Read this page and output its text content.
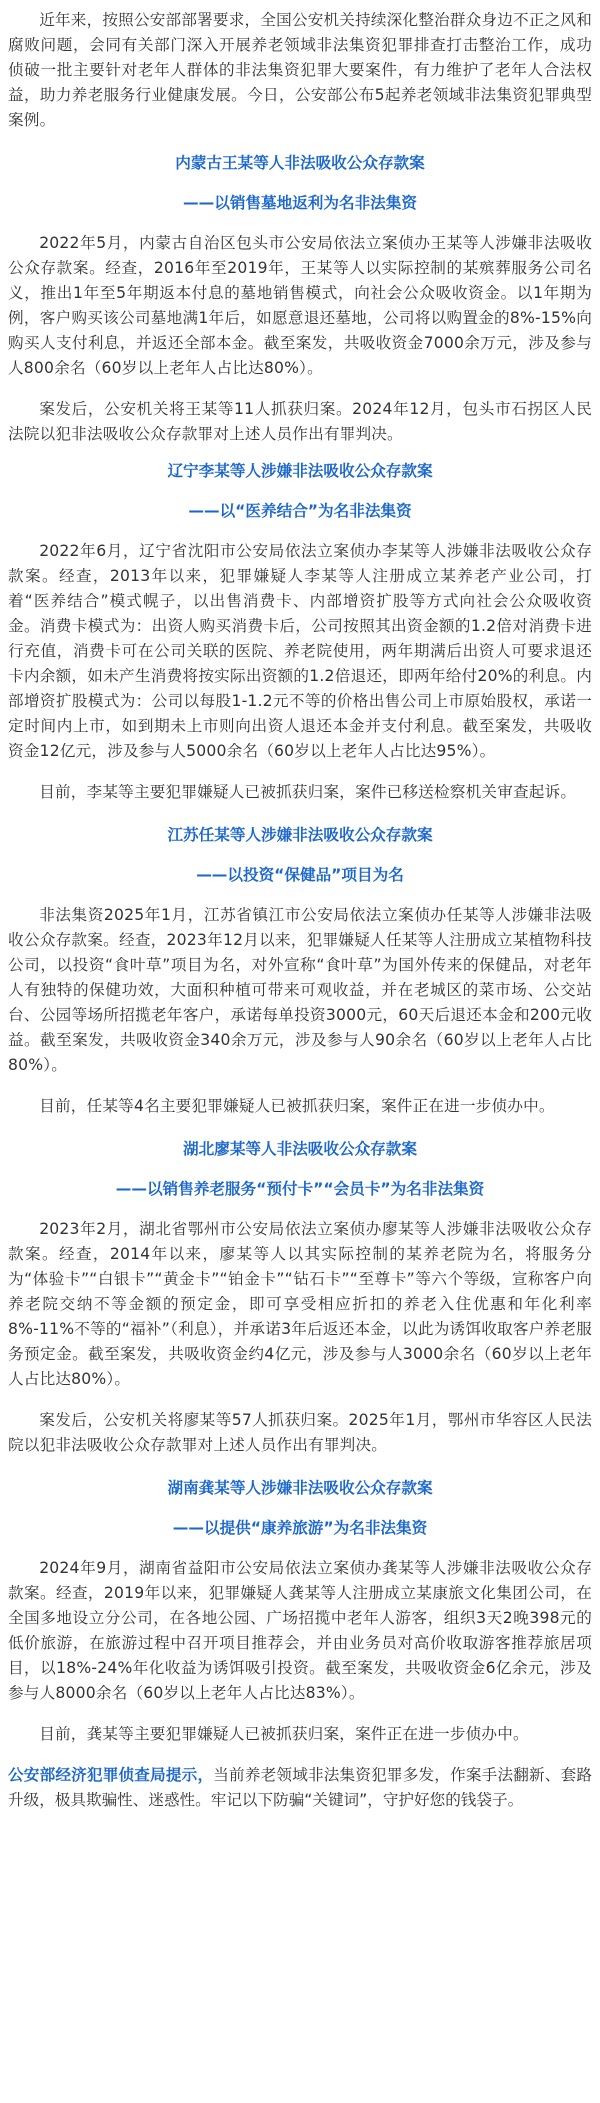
近年来，按照公安部部署要求，全国公安机关持续深化整治群众身边不正之风和腐败问题，会同有关部门深入开展养老领域非法集资犯罪排查打击整治工作，成功侦破一批主要针对老年人群体的非法集资犯罪大要案件，有力维护了老年人合法权益，助力养老服务行业健康发展。今日，公安部公布5起养老领域非法集资犯罪典型案例。

内蒙古王某等人非法吸收公众存款案

——以销售墓地返利为名非法集资

2022年5月，内蒙古自治区包头市公安局依法立案侦办王某等人涉嫌非法吸收公众存款案。经查，2016年至2019年，王某等人以实际控制的某殡葬服务公司名义，推出1年至5年期返本付息的墓地销售模式，向社会公众吸收资金。以1年期为例，客户购买该公司墓地满1年后，如愿意退还墓地，公司将以购置金的8%-15%向购买人支付利息，并返还全部本金。截至案发，共吸收资金7000余万元，涉及参与人800余名（60岁以上老年人占比达80%）。

案发后，公安机关将王某等11人抓获归案。2024年12月，包头市石拐区人民法院以犯非法吸收公众存款罪对上述人员作出有罪判决。

辽宁李某等人涉嫌非法吸收公众存款案

——以“医养结合”为名非法集资

2022年6月，辽宁省沈阳市公安局依法立案侦办李某等人涉嫌非法吸收公众存款案。经查，2013年以来，犯罪嫌疑人李某等人注册成立某养老产业公司，打着“医养结合”模式幌子，以出售消费卡、内部增资扩股等方式向社会公众吸收资金。消费卡模式为：出资人购买消费卡后，公司按照其出资金额的1.2倍对消费卡进行充值，消费卡可在公司关联的医院、养老院使用，两年期满后出资人可要求退还卡内余额，如未产生消费将按实际出资额的1.2倍退还，即两年给付20%的利息。内部增资扩股模式为：公司以每股1-1.2元不等的价格出售公司上市原始股权，承诺一定时间内上市，如到期未上市则向出资人退还本金并支付利息。截至案发，共吸收资金12亿元，涉及参与人5000余名（60岁以上老年人占比达95%）。

目前，李某等主要犯罪嫌疑人已被抓获归案，案件已移送检察机关审查起诉。

江苏任某等人涉嫌非法吸收公众存款案

——以投资“保健品”项目为名

非法集资2025年1月，江苏省镇江市公安局依法立案侦办任某等人涉嫌非法吸收公众存款案。经查，2023年12月以来，犯罪嫌疑人任某等人注册成立某植物科技公司，以投资“食叶草”项目为名，对外宣称“食叶草”为国外传来的保健品，对老年人有独特的保健功效，大面积种植可带来可观收益，并在老城区的菜市场、公交站台、公园等场所招揽老年客户，承诺每单投资3000元，60天后退还本金和200元收益。截至案发，共吸收资金340余万元，涉及参与人90余名（60岁以上老年人占比80%）。

目前，任某等4名主要犯罪嫌疑人已被抓获归案，案件正在进一步侦办中。

湖北廖某等人非法吸收公众存款案

——以销售养老服务“预付卡”“会员卡”为名非法集资

2023年2月，湖北省鄂州市公安局依法立案侦办廖某等人涉嫌非法吸收公众存款案。经查，2014年以来，廖某等人以其实际控制的某养老院为名，将服务分为“体验卡”“白银卡”“黄金卡”“铂金卡”“钻石卡”“至尊卡”等六个等级，宣称客户向养老院交纳不等金额的预定金，即可享受相应折扣的养老入住优惠和年化利率8%-11%不等的“福补”（利息），并承诺3年后返还本金，以此为诱饵收取客户养老服务预定金。截至案发，共吸收资金约4亿元，涉及参与人3000余名（60岁以上老年人占比达80%）。

案发后，公安机关将廖某等57人抓获归案。2025年1月，鄂州市华容区人民法院以犯非法吸收公众存款罪对上述人员作出有罪判决。

湖南龚某等人涉嫌非法吸收公众存款案

——以提供“康养旅游”为名非法集资

2024年9月，湖南省益阳市公安局依法立案侦办龚某等人涉嫌非法吸收公众存款案。经查，2019年以来，犯罪嫌疑人龚某等人注册成立某康旅文化集团公司，在全国多地设立分公司，在各地公园、广场招揽中老年人游客，组织3天2晚398元的低价旅游，在旅游过程中召开项目推荐会，并由业务员对高价收取游客推荐旅居项目，以18%-24%年化收益为诱饵吸引投资。截至案发，共吸收资金6亿余元，涉及参与人8000余名（60岁以上老年人占比达83%）。

目前，龚某等主要犯罪嫌疑人已被抓获归案，案件正在进一步侦办中。

公安部经济犯罪侦查局提示，当前养老领域非法集资犯罪多发，作案手法翻新、套路升级，极具欺骗性、迷惑性。牢记以下防骗“关键词”，守护好您的钱袋子。
